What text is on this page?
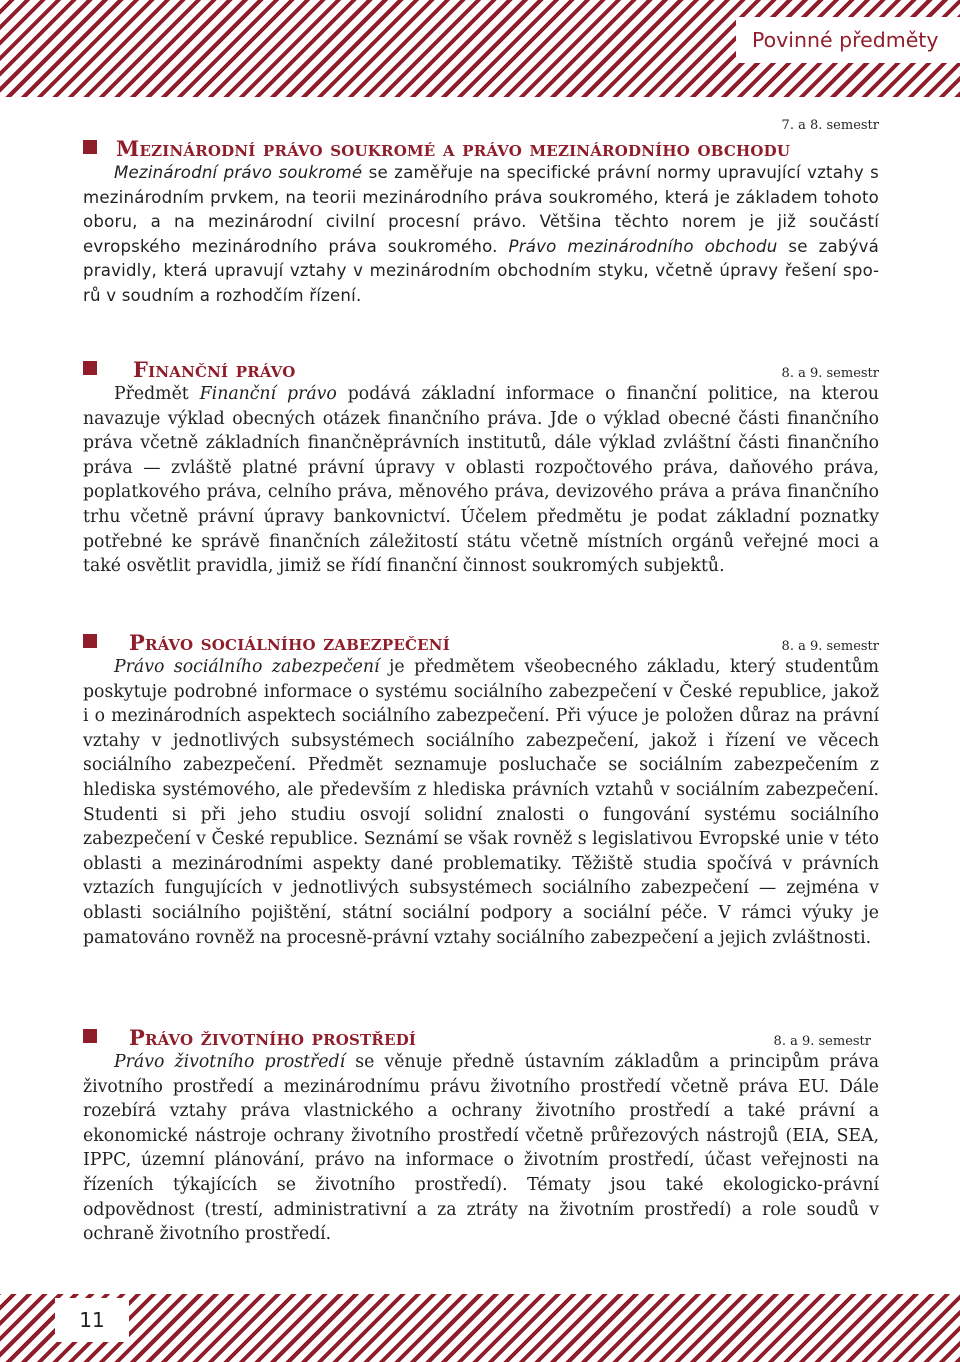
Povinné předměty
7. a 8. semestr
Mezinárodní právo soukromé a právo mezinárodního obchodu

Mezinárodní právo soukromé se zaměřuje na specifické právní normy upravující vztahy s mezinárodním prvkem, na teorii mezinárodního práva soukromého, která je základem tohoto oboru, a na mezinárodní civilní procesní právo. Většina těchto norem je již součástí evropského mezinárodního práva soukromého. Právo mezinárodního obchodu se zabývá pravidly, která upravují vztahy v mezinárodním obchodním styku, včetně úpravy řešení sporů v soudním a rozhodčím řízení.

Finanční právo	8. a 9. semestr

Předmět Finanční právo podává základní informace o finanční politice, na kterou navazuje výklad obecných otázek finančního práva. Jde o výklad obecné části finančního práva včetně základních finančněprávních institutů, dále výklad zvláštní části finančního práva — zvláště platné právní úpravy v oblasti rozpočtového práva, daňového práva, poplatkového práva, celního práva, měnového práva, devizového práva a práva finančního trhu včetně právní úpravy bankovnictví. Účelem předmětu je podat základní poznatky potřebné ke správě finančních záležitostí státu včetně místních orgánů veřejné moci a také osvětlit pravidla, jimiž se řídí finanční činnost soukromých subjektů.

Právo sociálního zabezpečení	8. a 9. semestr

Právo sociálního zabezpečení je předmětem všeobecného základu, který studentům poskytuje podrobné informace o systému sociálního zabezpečení v České republice, jakož i o mezinárodních aspektech sociálního zabezpečení. Při výuce je položen důraz na právní vztahy v jednotlivých subsystémech sociálního zabezpečení, jakož i řízení ve věcech sociálního zabezpečení. Předmět seznamuje posluchače se sociálním zabezpečením z hlediska systémového, ale především z hlediska právních vztahů v sociálním zabezpečení. Studenti si při jeho studiu osvojí solidní znalosti o fungování systému sociálního zabezpečení v České republice. Seznámí se však rovněž s legislativou Evropské unie v této oblasti a mezinárodními aspekty dané problematiky. Těžiště studia spočívá v právních vztazích fungujících v jednotlivých subsystémech sociálního zabezpečení — zejména v oblasti sociálního pojištění, státní sociální podpory a sociální péče. V rámci výuky je pamatováno rovněž na procesně-právní vztahy sociálního zabezpečení a jejich zvláštnosti.

Právo životního prostředí	8. a 9. semestr

Právo životního prostředí se věnuje předně ústavním základům a principům práva životního prostředí a mezinárodnímu právu životního prostředí včetně práva EU. Dále rozebírá vztahy práva vlastnického a ochrany životního prostředí a také právní a ekonomické nástroje ochrany životního prostředí včetně průřezových nástrojů (EIA, SEA, IPPC, územní plánování, právo na informace o životním prostředí, účast veřejnosti na řízeních týkajících se životního prostředí). Tématy jsou také ekologicko-právní odpovědnost (trestí, administrativní a za ztráty na životním prostředí) a role soudů v ochraně životního prostředí.

11
